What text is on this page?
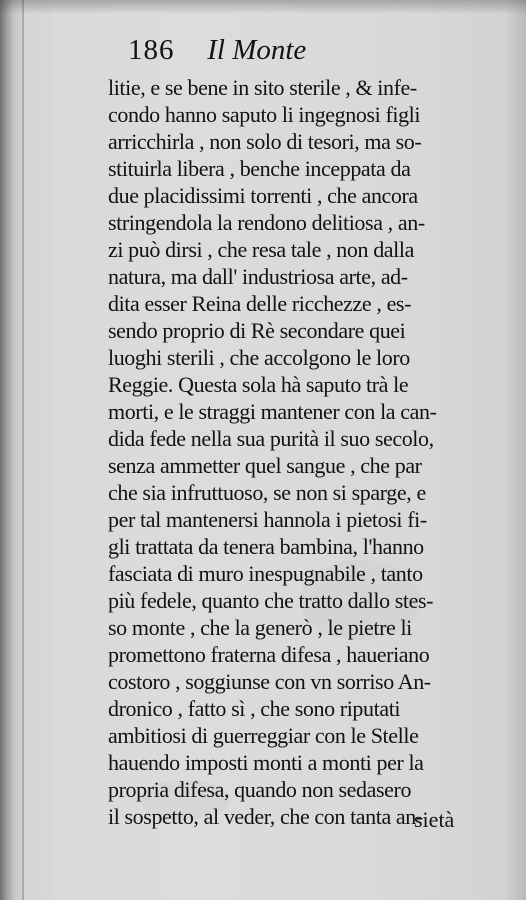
186 Il Monte
litie, e se bene in sito sterile , & infe-
condo hanno saputo li ingegnosi figli
arricchirla , non solo di tesori, ma so-
stituirla libera , benche inceppata da
due placidissimi torrenti , che ancora
stringendola la rendono delitiosa , an-
zi può dirsi , che resa tale , non dalla
natura, ma dall' industriosa arte, ad-
dita esser Reina delle ricchezze , es-
sendo proprio di Rè secondare quei
luoghi sterili , che accolgono le loro
Reggie. Questa sola hà saputo trà le
morti, e le straggi mantener con la can-
dida fede nella sua purità il suo secolo,
senza ammetter quel sangue , che par
che sia infruttuoso, se non si sparge, e
per tal mantenersi hannola i pietosi fi-
gli trattata da tenera bambina, l'hanno
fasciata di muro inespugnabile , tanto
più fedele, quanto che tratto dallo stes-
so monte , che la generò , le pietre li
promettono fraterna difesa , haueriano
costoro , soggiunse con vn sorriso An-
dronico , fatto sì , che sono riputati
ambitiosi di guerreggiar con le Stelle
hauendo imposti monti a monti per la
propria difesa, quando non sedasero
il sospetto, al veder, che con tanta an-
sietà
